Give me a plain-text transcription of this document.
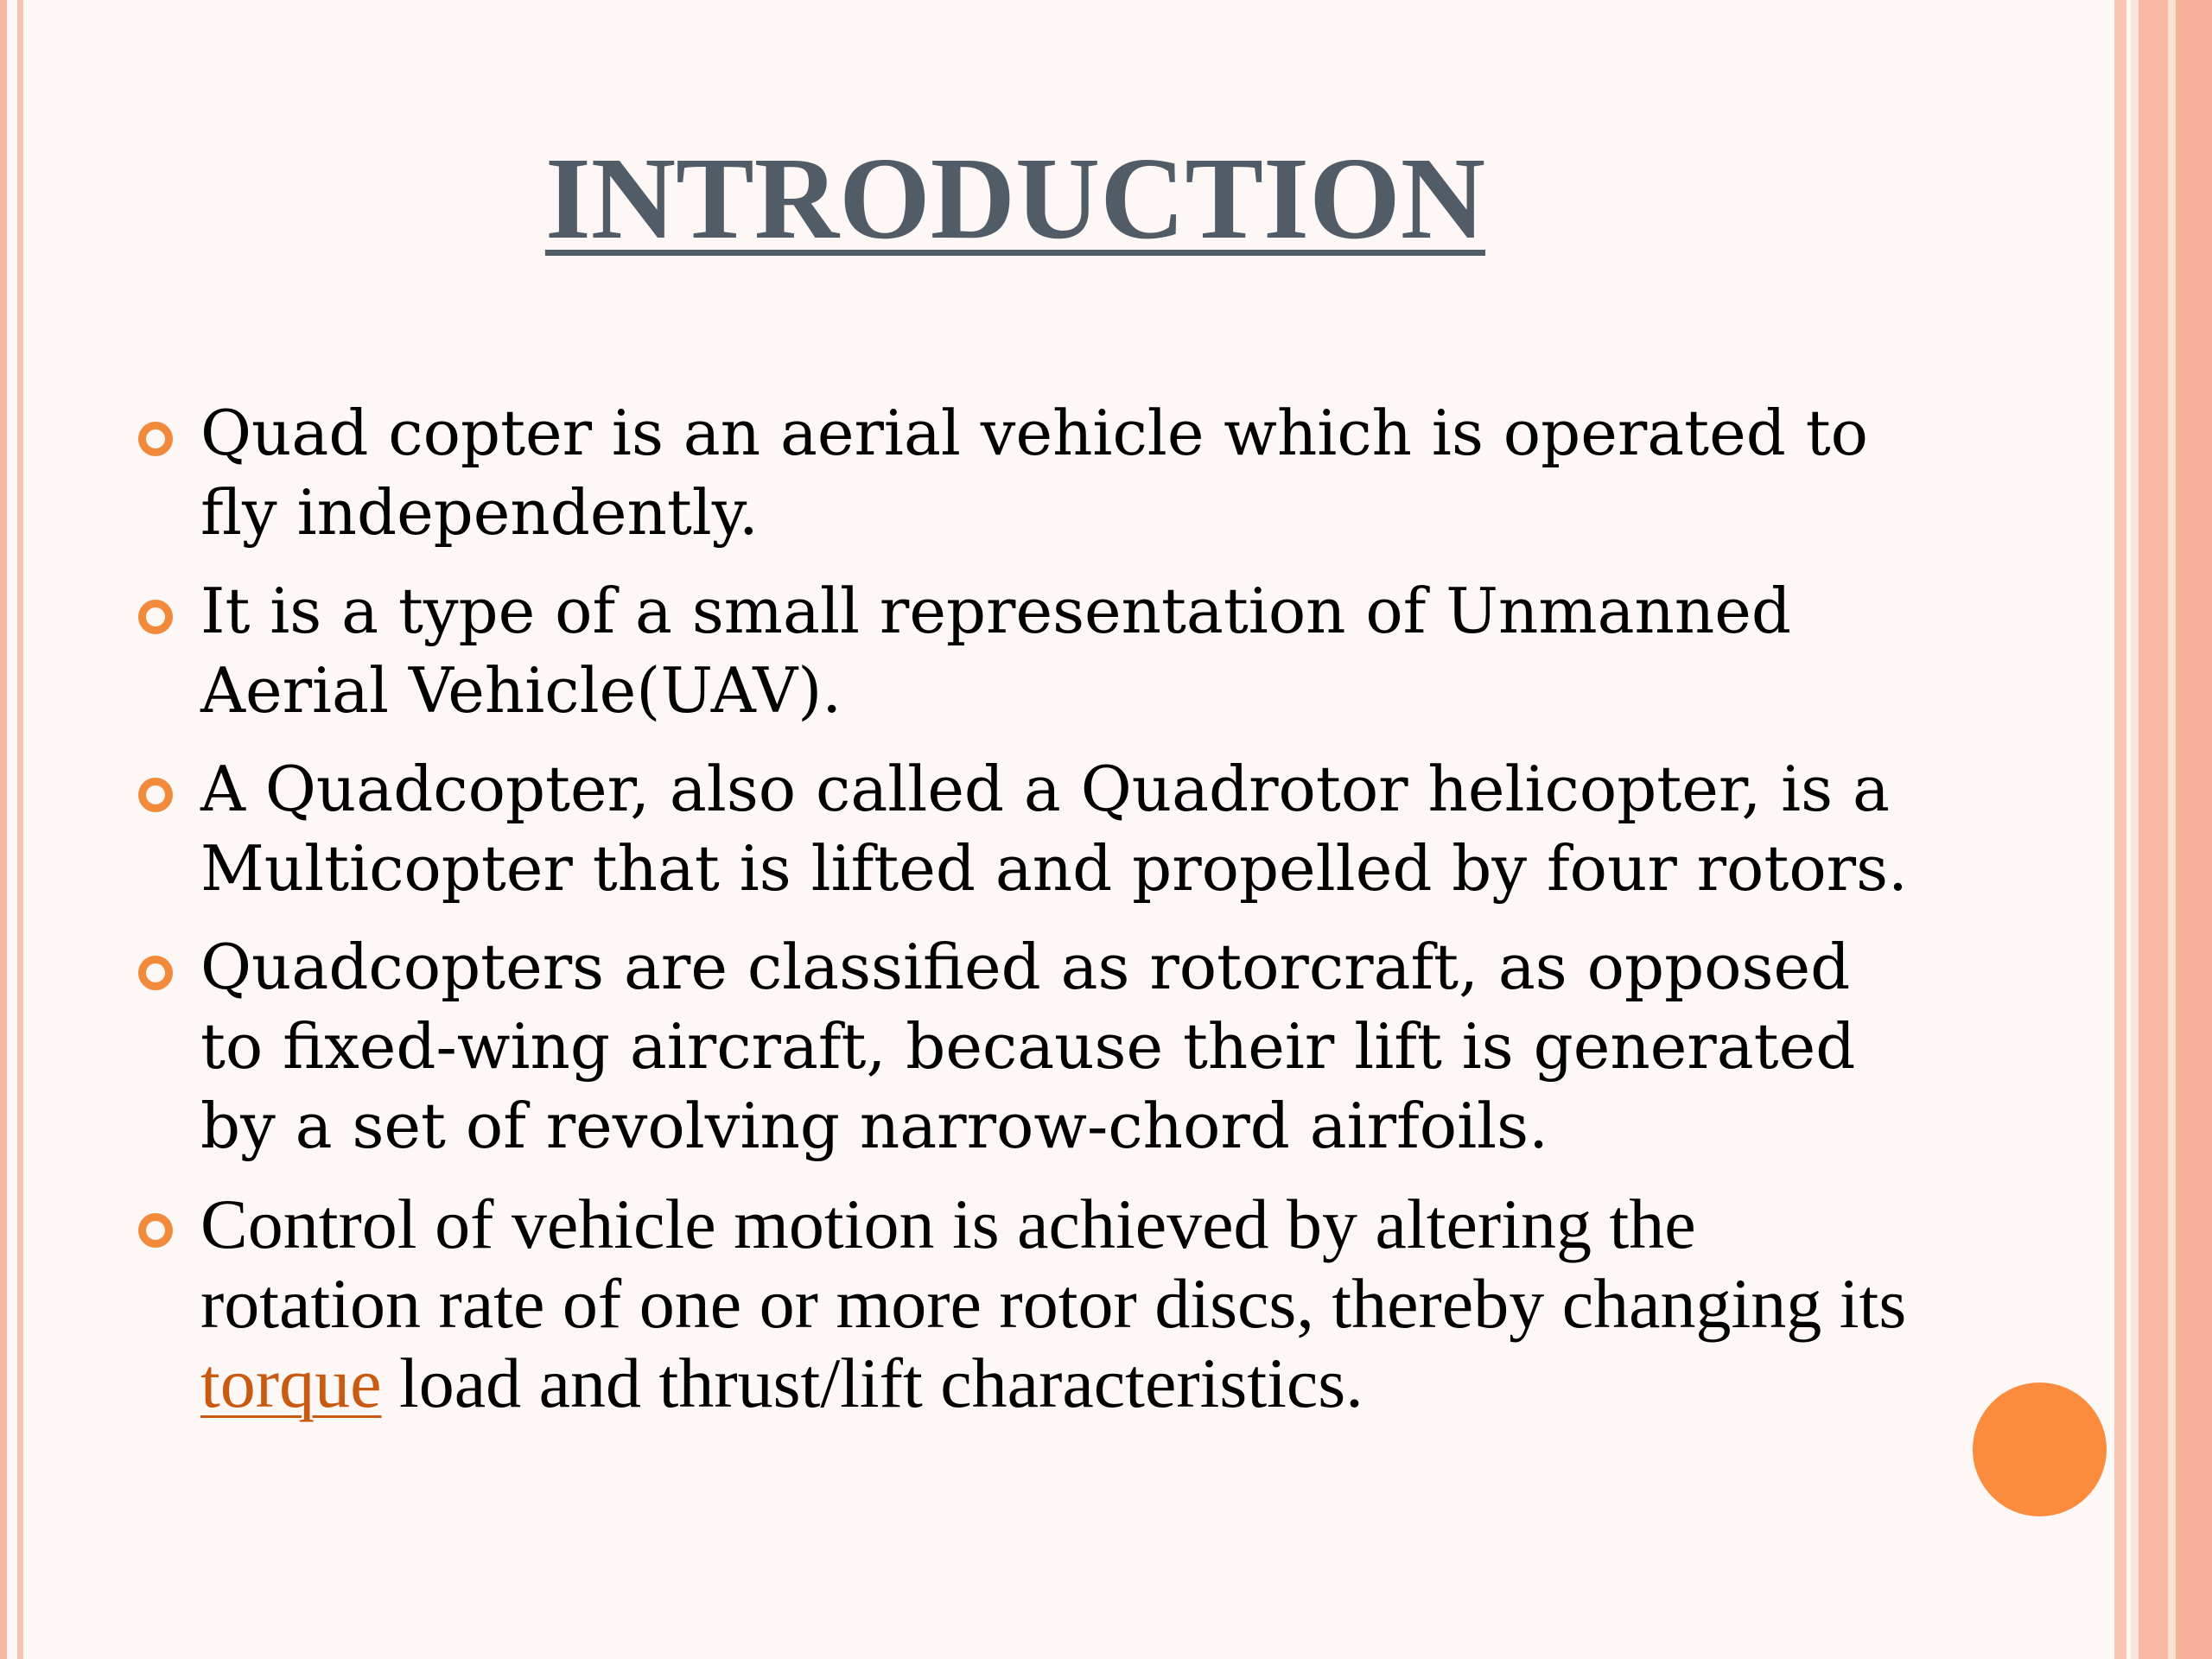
INTRODUCTION
Quad copter is an aerial vehicle which is operated to fly independently.
It is a type of a small representation of Unmanned Aerial Vehicle(UAV).
A Quadcopter, also called a Quadrotor helicopter, is a Multicopter that is lifted and propelled by four rotors.
Quadcopters are classified as rotorcraft, as opposed to fixed-wing aircraft, because their lift is generated by a set of revolving narrow-chord airfoils.
Control of vehicle motion is achieved by altering the rotation rate of one or more rotor discs, thereby changing its torque load and thrust/lift characteristics.
